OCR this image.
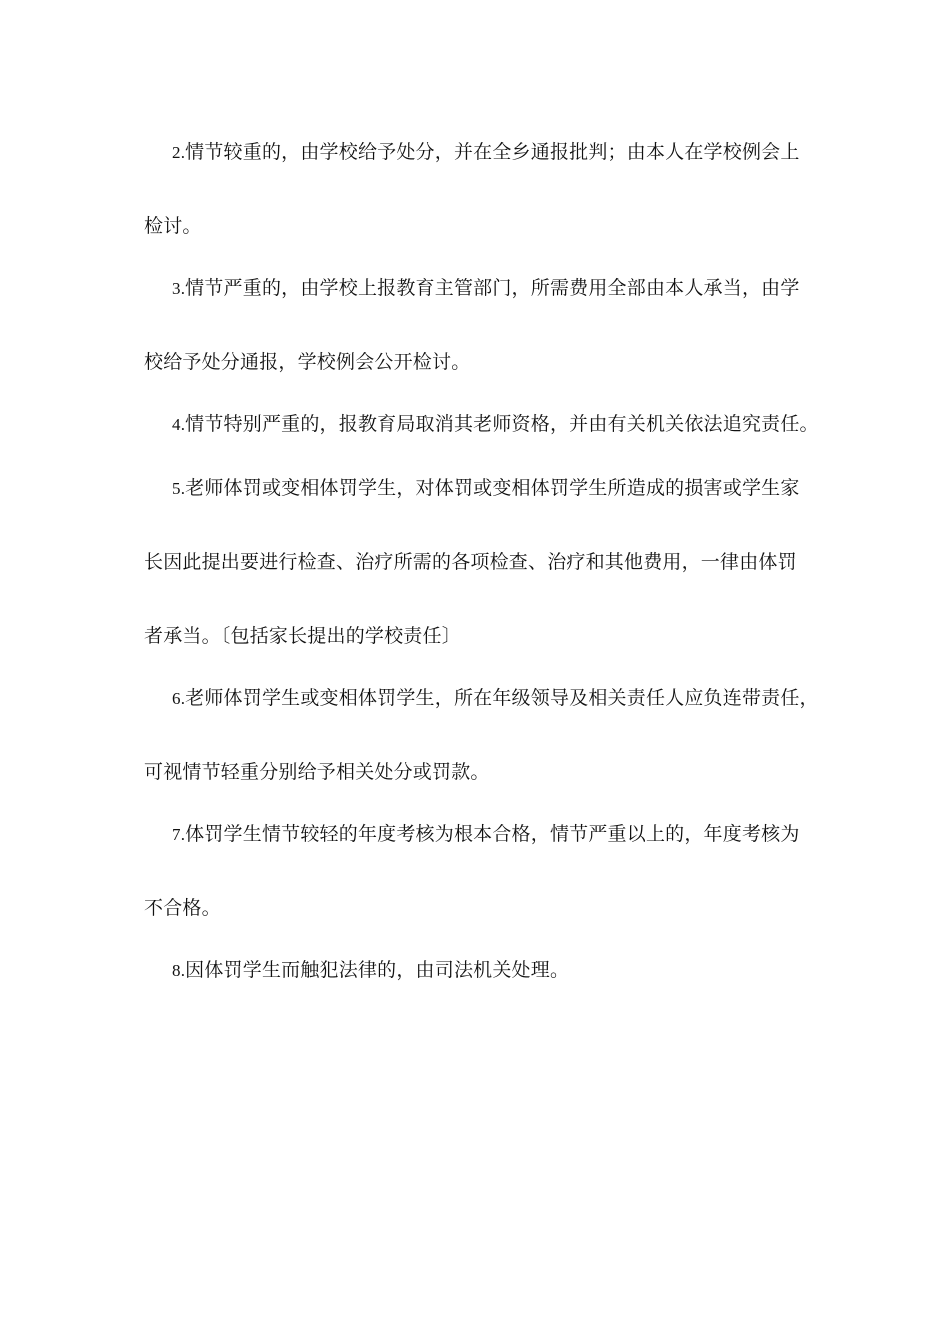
2.情节较重的，由学校给予处分，并在全乡通报批判；由本人在学校例会上
检讨。
3.情节严重的，由学校上报教育主管部门，所需费用全部由本人承当，由学
校给予处分通报，学校例会公开检讨。
4.情节特别严重的，报教育局取消其老师资格，并由有关机关依法追究责任。
5.老师体罚或变相体罚学生，对体罚或变相体罚学生所造成的损害或学生家
长因此提出要进行检查、治疗所需的各项检查、治疗和其他费用，一律由体罚
者承当。〔包括家长提出的学校责任〕
6.老师体罚学生或变相体罚学生，所在年级领导及相关责任人应负连带责任，
可视情节轻重分别给予相关处分或罚款。
7.体罚学生情节较轻的年度考核为根本合格，情节严重以上的，年度考核为
不合格。
8.因体罚学生而触犯法律的，由司法机关处理。
